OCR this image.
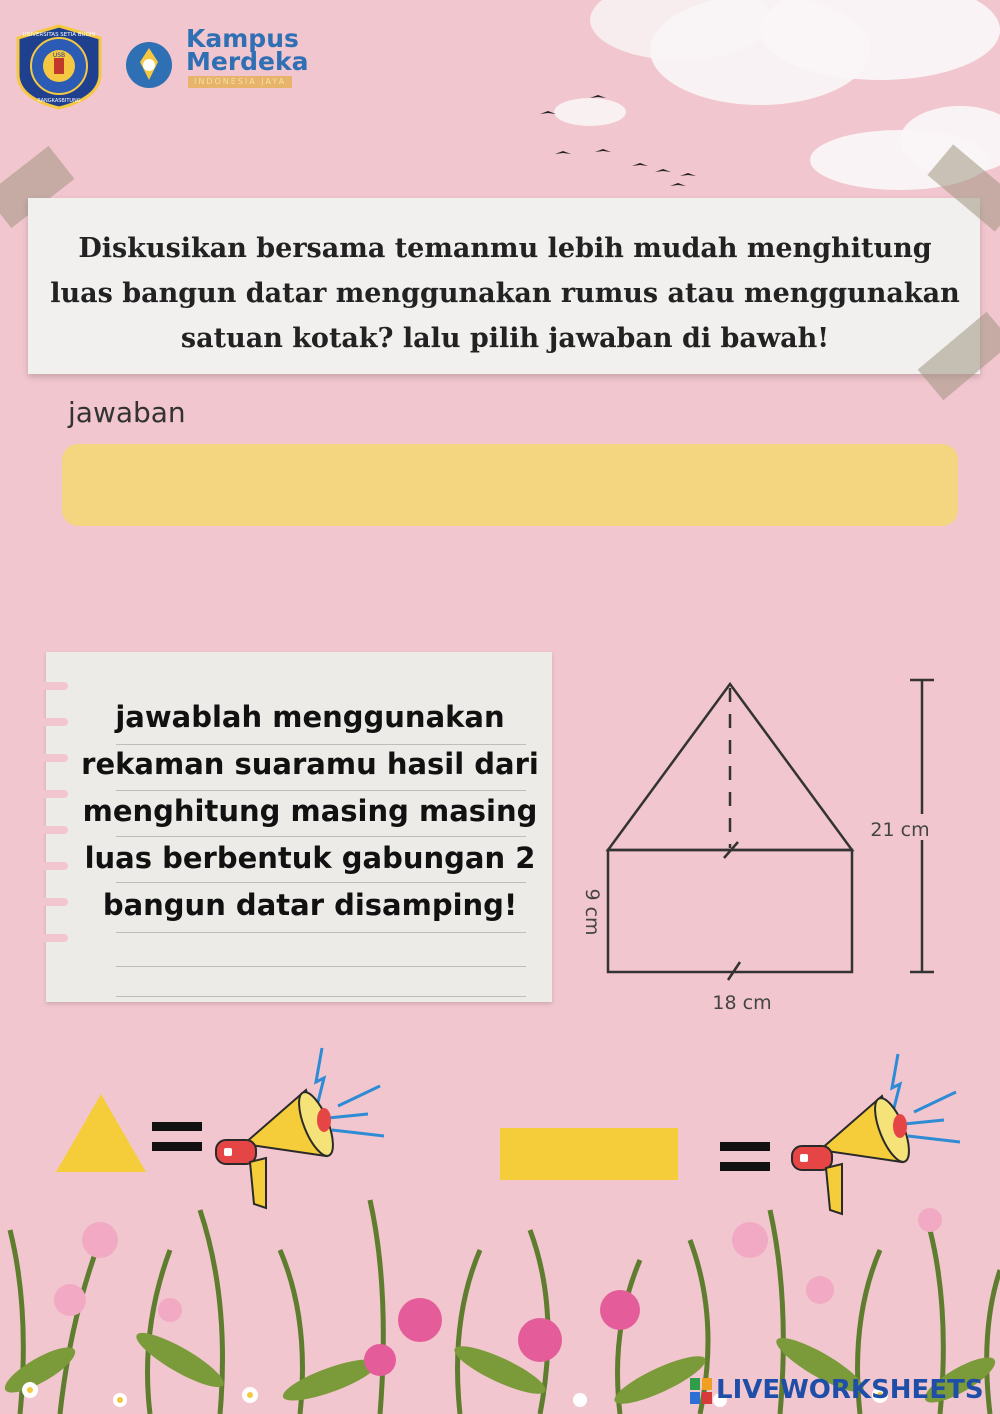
USB
UNIVERSITAS SETIA BUDHI
RANGKASBITUNG
Kampus
Merdeka
INDONESIA JAYA
Diskusikan bersama temanmu lebih mudah menghitung luas bangun datar menggunakan rumus atau menggunakan satuan kotak? lalu pilih jawaban di bawah!
jawaban
jawablah menggunakan rekaman suaramu hasil dari menghitung masing masing luas berbentuk gabungan 2 bangun datar disamping!
21 cm
9 cm
18 cm
LIVEWORKSHEETS
